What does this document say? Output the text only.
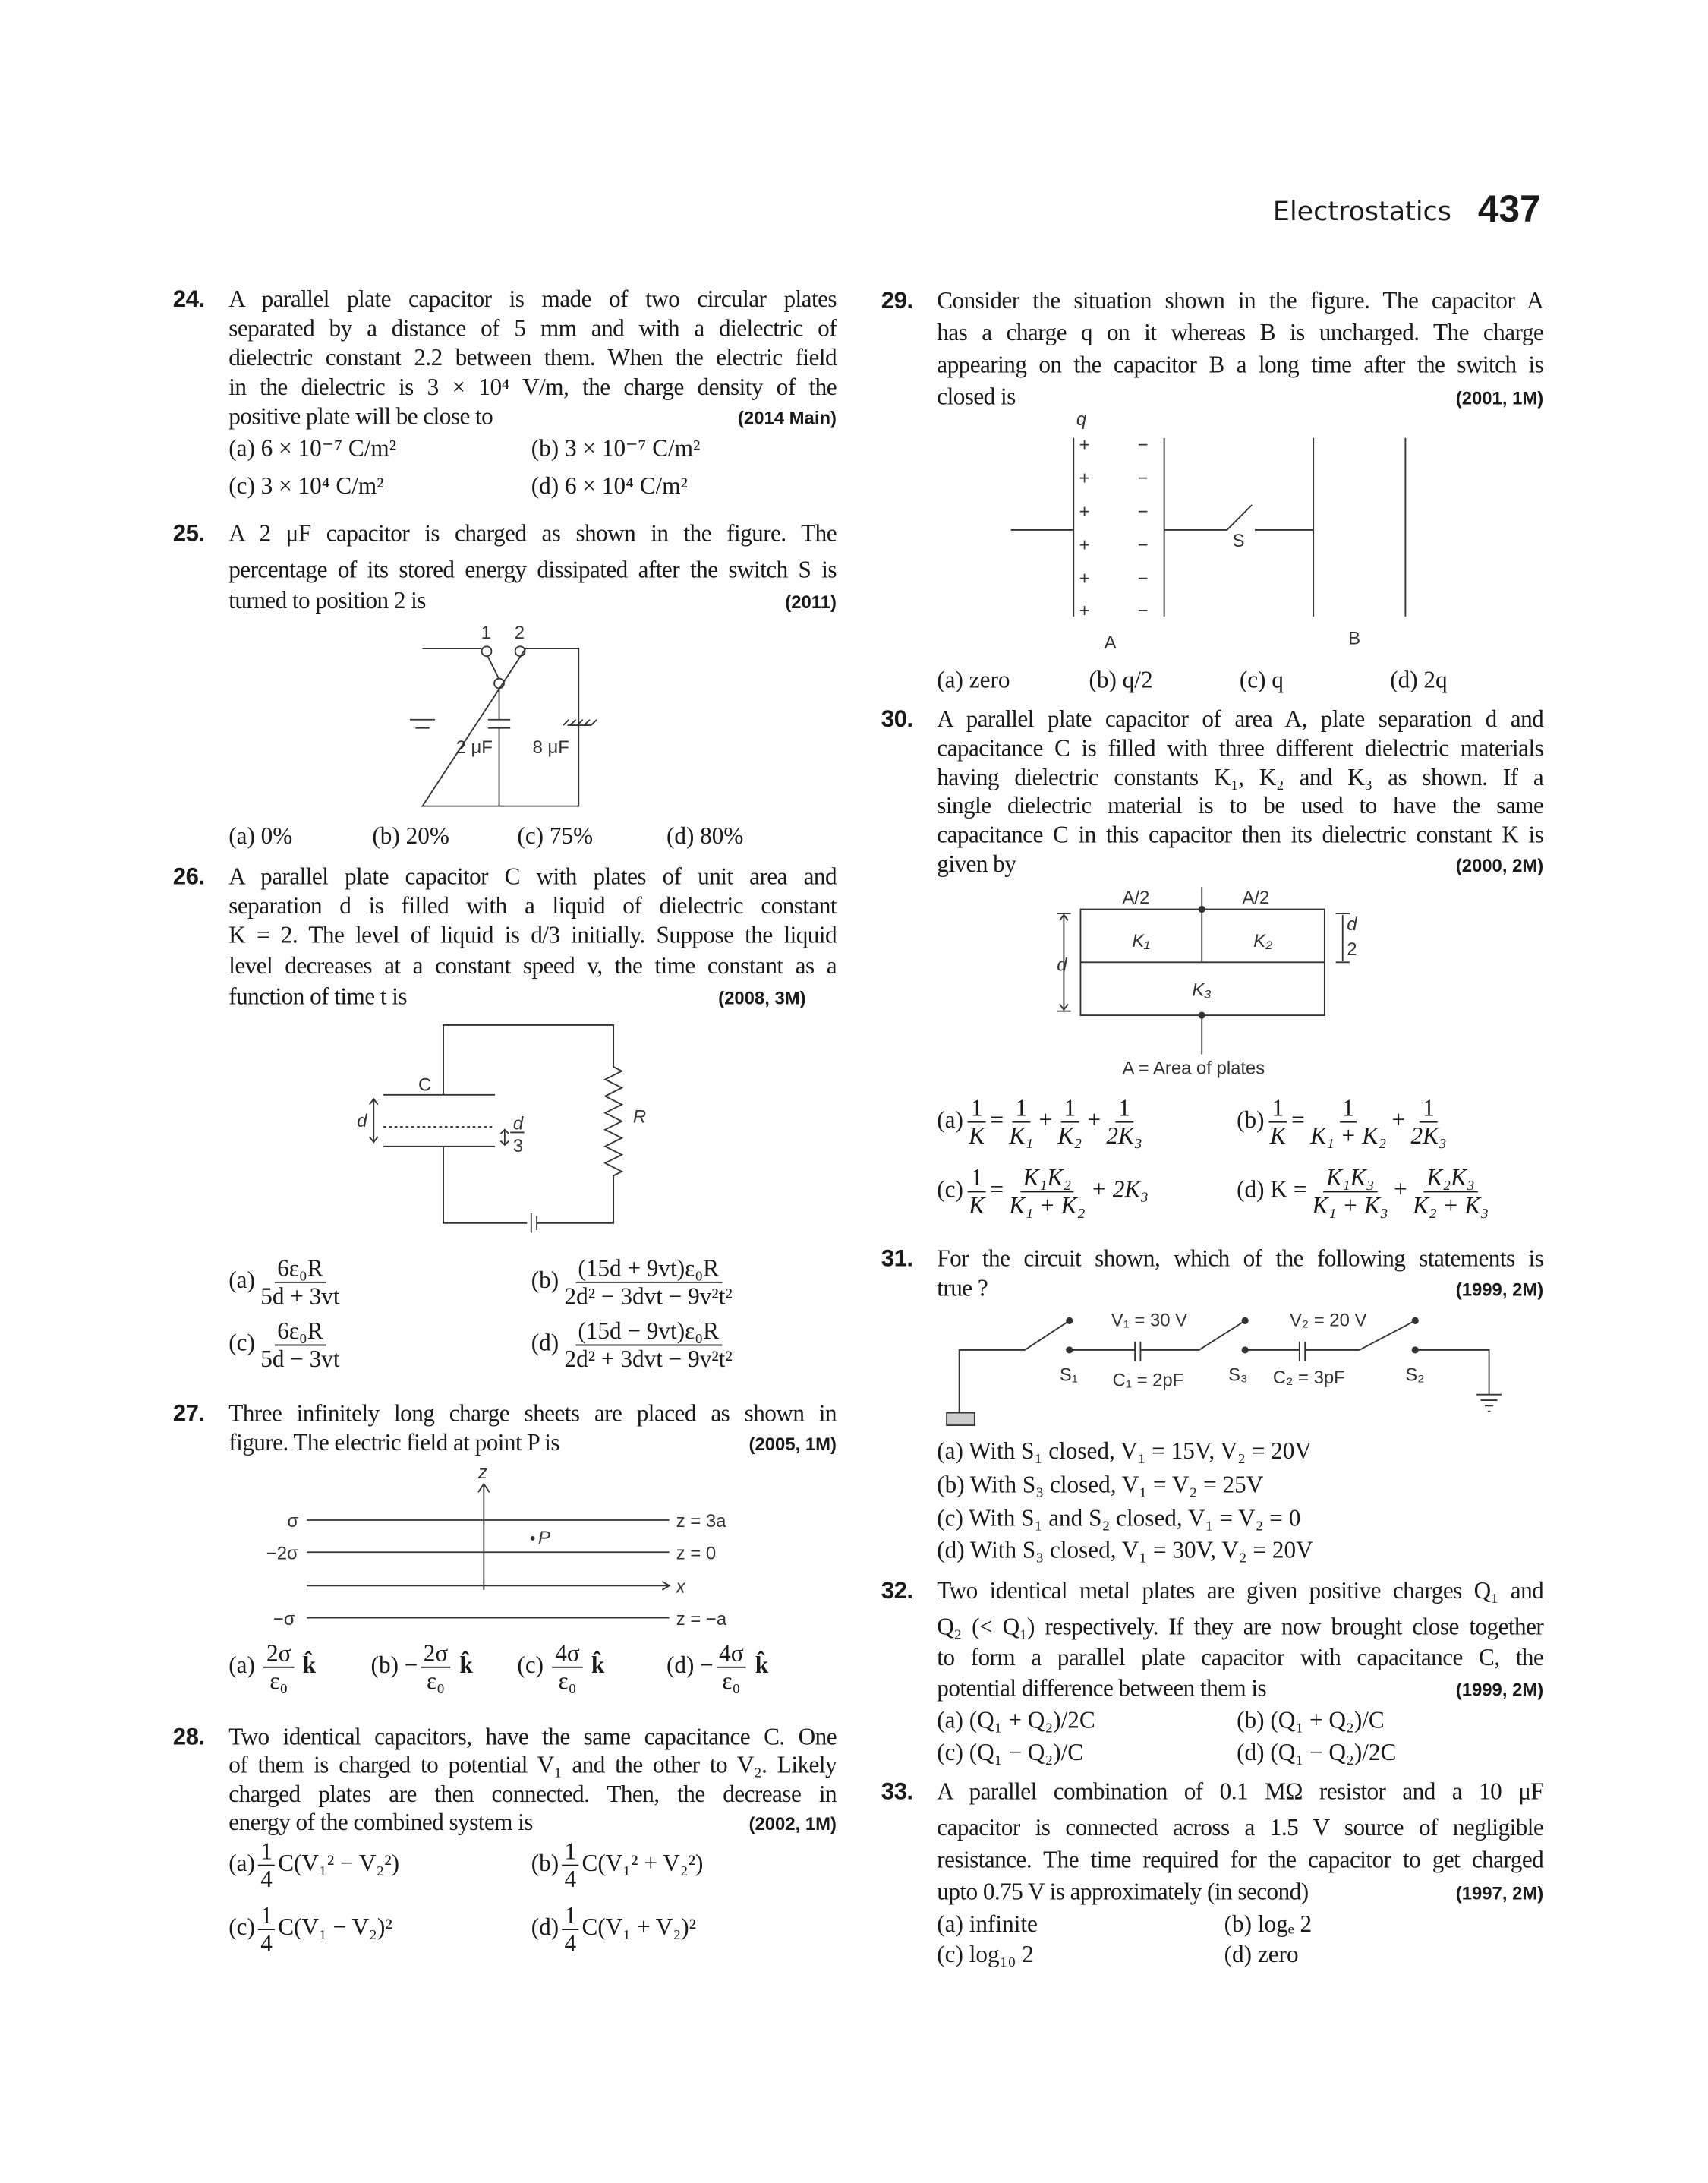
Electrostatics 437
24. A parallel plate capacitor is made of two circular plates
separated by a distance of 5 mm and with a dielectric of
dielectric constant 2.2 between them. When the electric field
in the dielectric is 3 × 10⁴ V/m, the charge density of the
positive plate will be close to	(2014 Main)
(a) 6 × 10⁻⁷ C/m²	(b) 3 × 10⁻⁷ C/m²
(c) 3 × 10⁴ C/m²	(d) 6 × 10⁴ C/m²
25. A 2 μF capacitor is charged as shown in the figure. The
percentage of its stored energy dissipated after the switch S is
turned to position 2 is	(2011)
1 2
2 μF	8 μF
(a) 0%	(b) 20%	(c) 75%	(d) 80%
26. A parallel plate capacitor C with plates of unit area and
separation d is filled with a liquid of dielectric constant
K = 2. The level of liquid is d/3 initially. Suppose the liquid
level decreases at a constant speed v, the time constant as a
function of time t is	(2008, 3M)
C
d	d
3
R
$(a) \frac{\text{6ε₀R}}{5d + 3vt}$	$(b) \frac{\text{(15d + 9vt)ε₀R}}{\text{2d² − 3dvt − 9v²t²}}$
$(c) \frac{\text{6ε₀R}}{5d - 3vt}$	$(d) \frac{\text{(15d − 9vt)ε₀R}}{\text{2d² + 3dvt − 9v²t²}}$
27. Three infinitely long charge sheets are placed as shown in
figure. The electric field at point P is	(2005, 1M)
z
σ
−2σ
−σ
z = 3a
z = 0
x
z = −a
P
$(a) \frac{2\sigma}{\text{ε₀}}$ k̂	$(b) - \frac{2\sigma}{\text{ε₀}}$ k̂	$(c) \frac{4\sigma}{\text{ε₀}}$ k̂	$(d) - \frac{4\sigma}{\text{ε₀}}$ k̂
28. Two identical capacitors, have the same capacitance C. One
of them is charged to potential V₁ and the other to V₂. Likely
charged plates are then connected. Then, the decrease in
energy of the combined system is	(2002, 1M)
$(a) \frac{1}{4} C(V_1^2 - V_2^2)$	$(b) \frac{1}{4} C(V_1^2 + V_2^2)$
$(c) \frac{1}{4} C(V_1 - V_2)^2$	$(d) \frac{1}{4} C(V_1 + V_2)^2$
29. Consider the situation shown in the figure. The capacitor A
has a charge q on it whereas B is uncharged. The charge
appearing on the capacitor B a long time after the switch is
closed is	(2001, 1M)
q
+
+
+
+
+
+
−
−
−
−
−
−
S
A	B
(a) zero	(b) q/2	(c) q	(d) 2q
30. A parallel plate capacitor of area A, plate separation d and
capacitance C is filled with three different dielectric materials
having dielectric constants K₁, K₂ and K₃ as shown. If a
single dielectric material is to be used to have the same
capacitance C in this capacitor then its dielectric constant K is
given by	(2000, 2M)
A/2	A/2
K₁	K₂
K₃
d
d
2
A = Area of plates
$(a) \frac{1}{K} = \frac{1}{\text{K₁}} + \frac{1}{\text{K₂}} + \frac{1}{\text{2K₃}}$	$(b) \frac{1}{K} = \frac{1}{\text{K₁ + K₂}} + \frac{1}{\text{2K₃}}$
$(c) \frac{1}{K} = \frac{\text{K₁K₂}}{\text{K₁ + K₂}} + 2K_3$	(d) $K = \frac{\text{K₁K₃}}{\text{K₁ + K₃}} + \frac{\text{K₂K₃}}{\text{K₂ + K₃}}$
31. For the circuit shown, which of the following statements is
true ?	(1999, 2M)
V₁ = 30 V	V₂ = 20 V
C₁ = 2pF	C₂ = 3pF
S₁	S₃	S₂
(a) With S₁ closed, V₁ = 15V, V₂ = 20V
(b) With S₃ closed, V₁ = V₂ = 25V
(c) With S₁ and S₂ closed, V₁ = V₂ = 0
(d) With S₃ closed, V₁ = 30V, V₂ = 20V
32. Two identical metal plates are given positive charges Q₁ and
Q₂ (< Q₁) respectively. If they are now brought close together
to form a parallel plate capacitor with capacitance C, the
potential difference between them is	(1999, 2M)
(a) (Q₁ + Q₂)/2C	(b) (Q₁ + Q₂)/C
(c) (Q₁ − Q₂)/C	(d) (Q₁ − Q₂)/2C
33. A parallel combination of 0.1 MΩ resistor and a 10 μF
capacitor is connected across a 1.5 V source of negligible
resistance. The time required for the capacitor to get charged
upto 0.75 V is approximately (in second)	(1997, 2M)
(a) infinite	(b) logₑ 2
(c) log₁₀ 2	(d) zero
